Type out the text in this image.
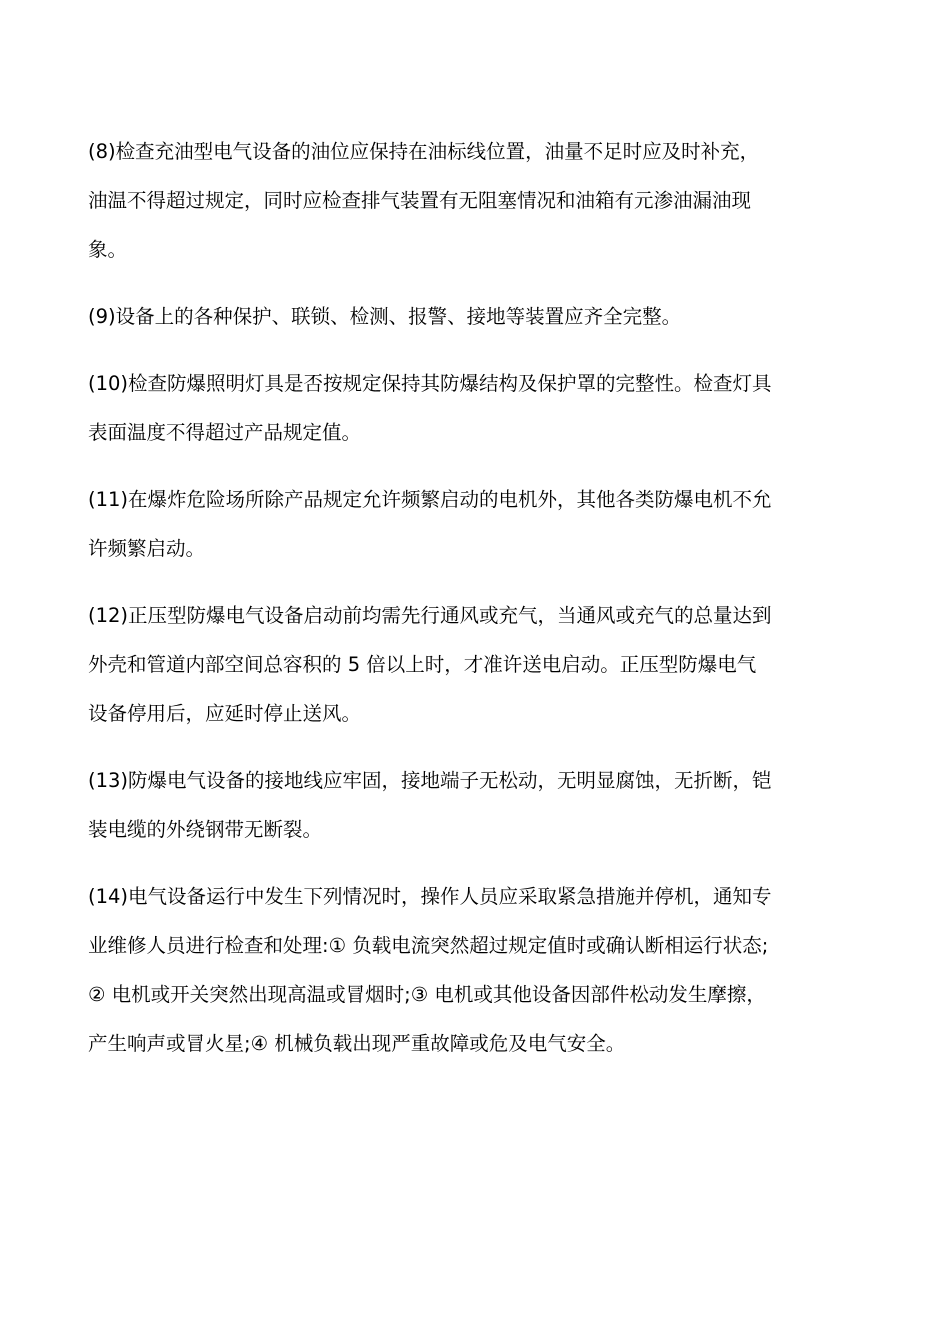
(8)检查充油型电气设备的油位应保持在油标线位置，油量不足时应及时补充，
油温不得超过规定，同时应检查排气装置有无阻塞情况和油箱有元渗油漏油现
象。
(9)设备上的各种保护、联锁、检测、报警、接地等装置应齐全完整。
(10)检查防爆照明灯具是否按规定保持其防爆结构及保护罩的完整性。检查灯具
表面温度不得超过产品规定值。
(11)在爆炸危险场所除产品规定允许频繁启动的电机外，其他各类防爆电机不允
许频繁启动。
(12)正压型防爆电气设备启动前均需先行通风或充气，当通风或充气的总量达到
外壳和管道内部空间总容积的 5 倍以上时，才准许送电启动。正压型防爆电气
设备停用后，应延时停止送风。
(13)防爆电气设备的接地线应牢固，接地端子无松动，无明显腐蚀，无折断，铠
装电缆的外绕钢带无断裂。
(14)电气设备运行中发生下列情况时，操作人员应采取紧急措施并停机，通知专
业维修人员进行检查和处理:① 负载电流突然超过规定值时或确认断相运行状态;
② 电机或开关突然出现高温或冒烟时;③ 电机或其他设备因部件松动发生摩擦，
产生响声或冒火星;④ 机械负载出现严重故障或危及电气安全。
